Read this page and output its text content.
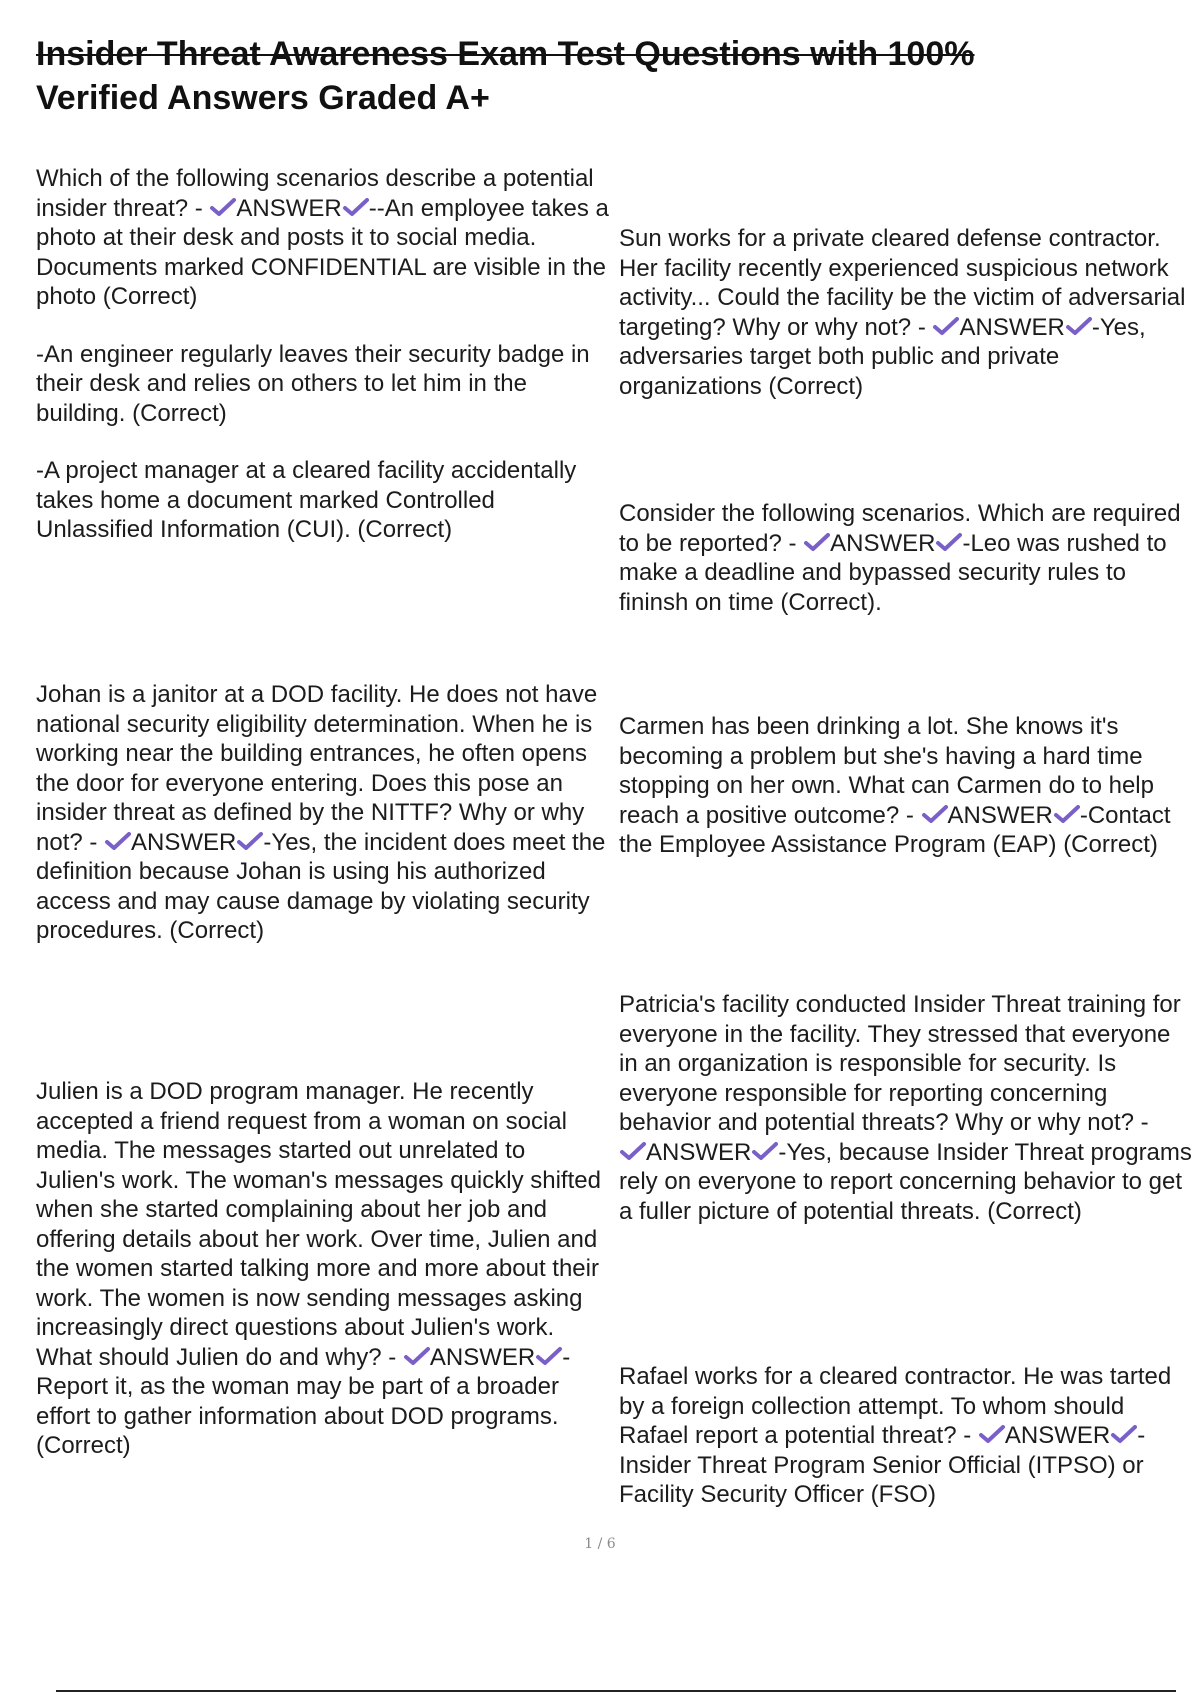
Insider Threat Awareness Exam Test Questions with 100%
Verified Answers Graded A+

Which of the following scenarios describe a potential insider threat? -
ANSWER --An employee takes a photo at their desk and posts it to social media. Documents marked CONFIDENTIAL are visible in the photo (Correct)

-An engineer regularly leaves their security badge in their desk and relies on others to let him in the building. (Correct)

-A project manager at a cleared facility accidentally takes home a document marked Controlled Unlassified Information (CUI). (Correct)

Johan is a janitor at a DOD facility. He does not have national security eligibility determination. When he is working near the building entrances, he often opens the door for everyone entering. Does this pose an insider threat as defined by the NITTF? Why or why not? -
ANSWER -Yes, the incident does meet the definition because Johan is using his authorized access and may cause damage by violating security procedures. (Correct)

Julien is a DOD program manager. He recently accepted a friend request from a woman on social media. The messages started out unrelated to Julien's work. The woman's messages quickly shifted when she started complaining about her job and offering details about her work. Over time, Julien and the women started talking more and more about their work. The women is now sending messages asking increasingly direct questions about Julien's work. What should Julien do and why? -
ANSWER -Report it, as the woman may be part of a broader effort to gather information about DOD programs. (Correct)

Sun works for a private cleared defense contractor. Her facility recently experienced suspicious network activity... Could the facility be the victim of adversarial targeting? Why or why not? -
ANSWER -Yes, adversaries target both public and private organizations (Correct)

Consider the following scenarios. Which are required to be reported? -
ANSWER -Leo was rushed to make a deadline and bypassed security rules to fininsh on time (Correct).

Carmen has been drinking a lot. She knows it's becoming a problem but she's having a hard time stopping on her own. What can Carmen do to help reach a positive outcome? -
ANSWER -Contact the Employee Assistance Program (EAP) (Correct)

Patricia's facility conducted Insider Threat training for everyone in the facility. They stressed that everyone in an organization is responsible for security. Is everyone responsible for reporting concerning behavior and potential threats? Why or why not? -
ANSWER -Yes, because Insider Threat programs rely on everyone to report concerning behavior to get a fuller picture of potential threats. (Correct)

Rafael works for a cleared contractor. He was tarted by a foreign collection attempt. To whom should Rafael report a potential threat? -
ANSWER -Insider Threat Program Senior Official (ITPSO) or Facility Security Officer (FSO)

1 / 6
